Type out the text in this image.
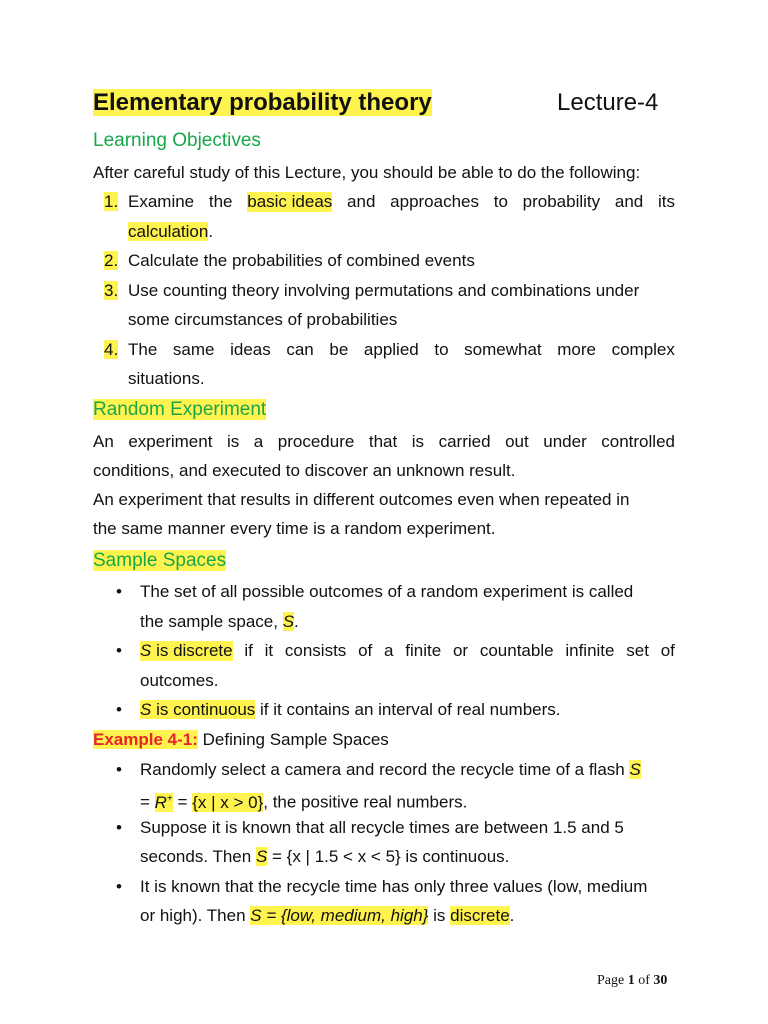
Elementary probability theory	Lecture-4
Learning Objectives
After careful study of this Lecture, you should be able to do the following:
1. Examine the basic ideas and approaches to probability and its
calculation.
2. Calculate the probabilities of combined events
3. Use counting theory involving permutations and combinations under
some circumstances of probabilities
4. The same ideas can be applied to somewhat more complex
situations.
Random Experiment
An experiment is a procedure that is carried out under controlled
conditions, and executed to discover an unknown result.
An experiment that results in different outcomes even when repeated in
the same manner every time is a random experiment.
Sample Spaces
• The set of all possible outcomes of a random experiment is called
the sample space, S.
• S is discrete if it consists of a finite or countable infinite set of
outcomes.
• S is continuous if it contains an interval of real numbers.
Example 4-1: Defining Sample Spaces
• Randomly select a camera and record the recycle time of a flash S
= R+ = {x | x > 0}, the positive real numbers.
• Suppose it is known that all recycle times are between 1.5 and 5
seconds. Then S = {x | 1.5 < x < 5} is continuous.
• It is known that the recycle time has only three values (low, medium
or high). Then S = {low, medium, high} is discrete.
Page 1 of 30
